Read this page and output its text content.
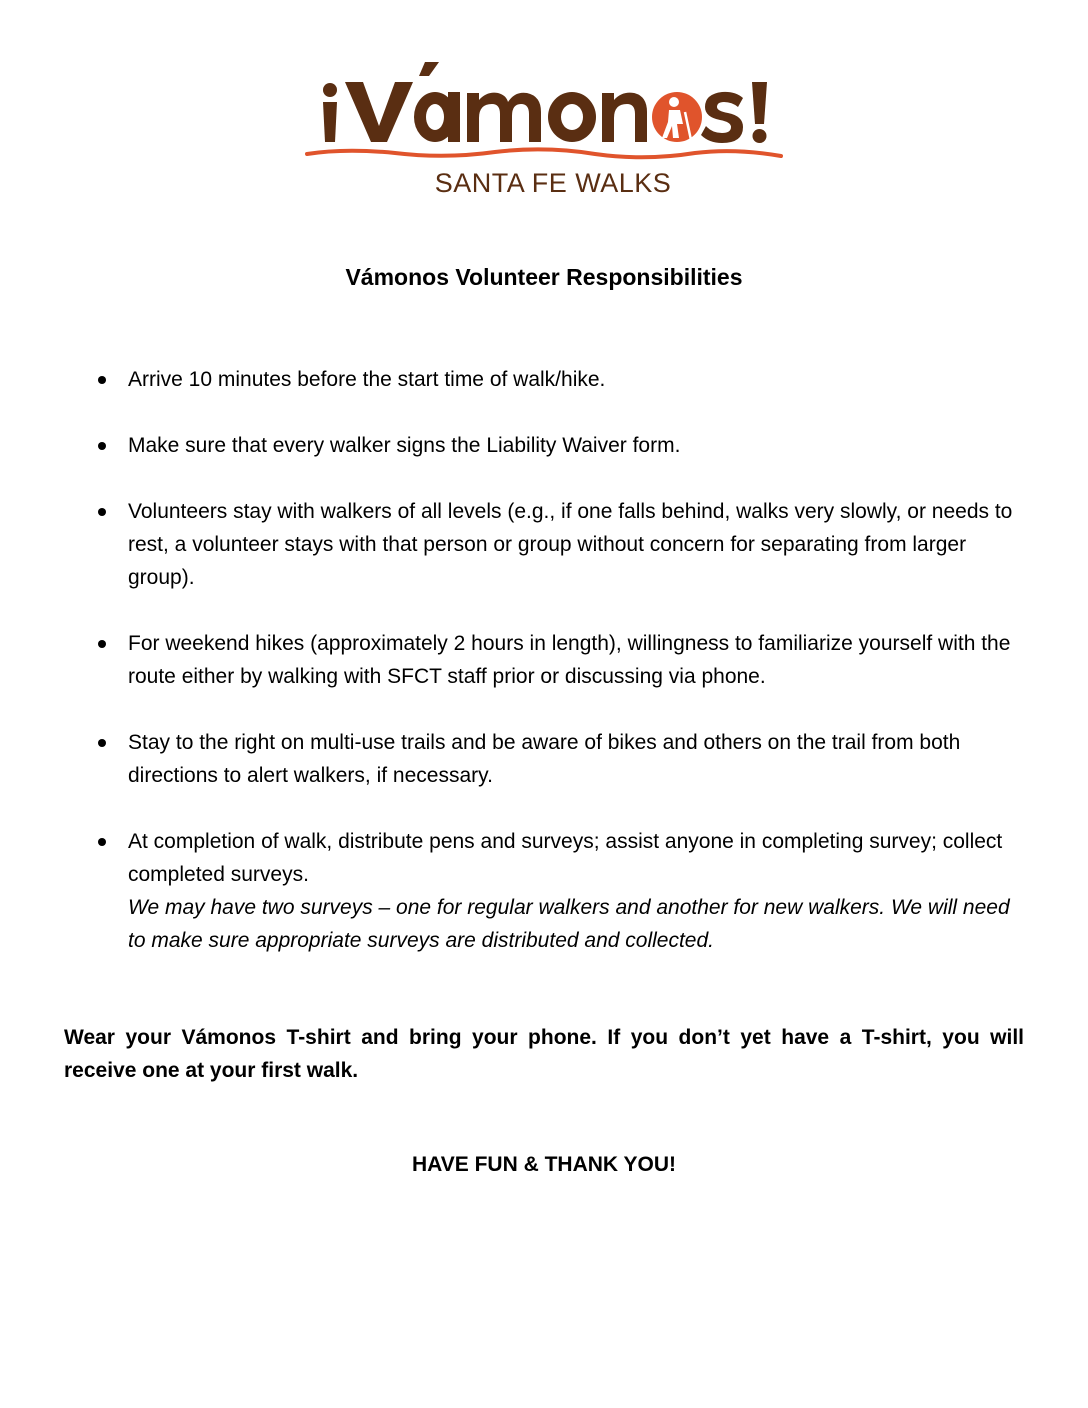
SANTA FE WALKS
Vámonos Volunteer Responsibilities
Arrive 10 minutes before the start time of walk/hike.
Make sure that every walker signs the Liability Waiver form.
Volunteers stay with walkers of all levels (e.g., if one falls behind, walks very slowly, or needs to rest, a volunteer stays with that person or group without concern for separating from larger group).
For weekend hikes (approximately 2 hours in length), willingness to familiarize yourself with the route either by walking with SFCT staff prior or discussing via phone.
Stay to the right on multi-use trails and be aware of bikes and others on the trail from both directions to alert walkers, if necessary.
At completion of walk, distribute pens and surveys; assist anyone in completing survey; collect completed surveys.
We may have two surveys – one for regular walkers and another for new walkers. We will need to make sure appropriate surveys are distributed and collected.

Wear your Vámonos T-shirt and bring your phone. If you don’t yet have a T-shirt, you will receive one at your first walk.

HAVE FUN & THANK YOU!
